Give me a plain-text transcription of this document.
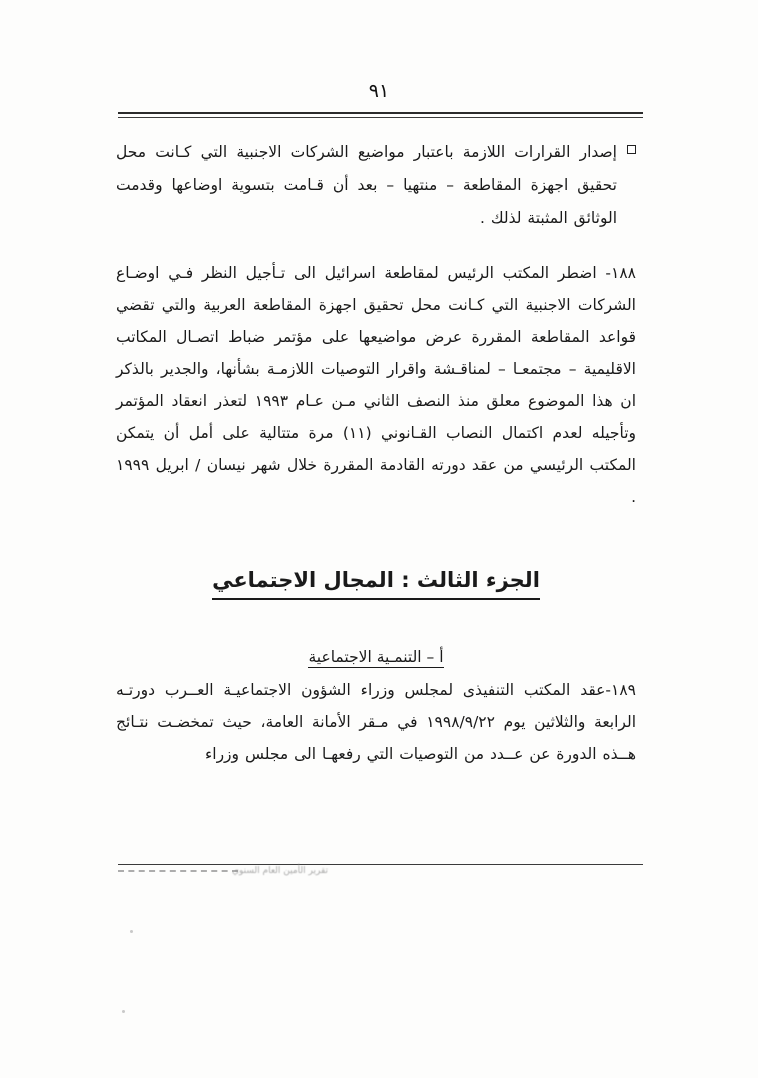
٩١
إصدار القرارات اللازمة باعتبار مواضيع الشركات الاجنبية التي كـانت محل تحقيق اجهزة المقاطعة – منتهيا – بعد أن قـامت بتسوية اوضاعها وقدمت الوثائق المثبتة لذلك .
١٨٨- اضطر المكتب الرئيس لمقاطعة اسرائيل الى تـأجيل النظر فـي اوضـاع الشركات الاجنبية التي كـانت محل تحقيق اجهزة المقاطعة العربية والتي تقضي قواعد المقاطعة المقررة عرض مواضيعها على مؤتمر ضباط اتصـال المكاتب الاقليمية – مجتمعـا – لمناقـشة واقرار التوصيات اللازمـة بشأنها، والجدير بالذكر ان هذا الموضوع معلق منذ النصف الثاني مـن عـام ١٩٩٣ لتعذر انعقاد المؤتمر وتأجيله لعدم اكتمال النصاب القـانوني (١١) مرة متتالية على أمل أن يتمكن المكتب الرئيسي من عقد دورته القادمة المقررة خلال شهر نيسان / ابريل ١٩٩٩ .
الجزء الثالث : المجال الاجتماعي
أ – التنمـية الاجتماعية
١٨٩-عقد المكتب التنفيذى لمجلس وزراء الشؤون الاجتماعيـة العــرب دورتـه الرابعة والثلاثين يوم ١٩٩٨/٩/٢٢ في مـقر الأمانة العامة، حيث تمخضـت نتـائج هــذه الدورة عن عــدد من التوصيات التي رفعهـا الى مجلس وزراء
تقرير الأمين العام السنوي
